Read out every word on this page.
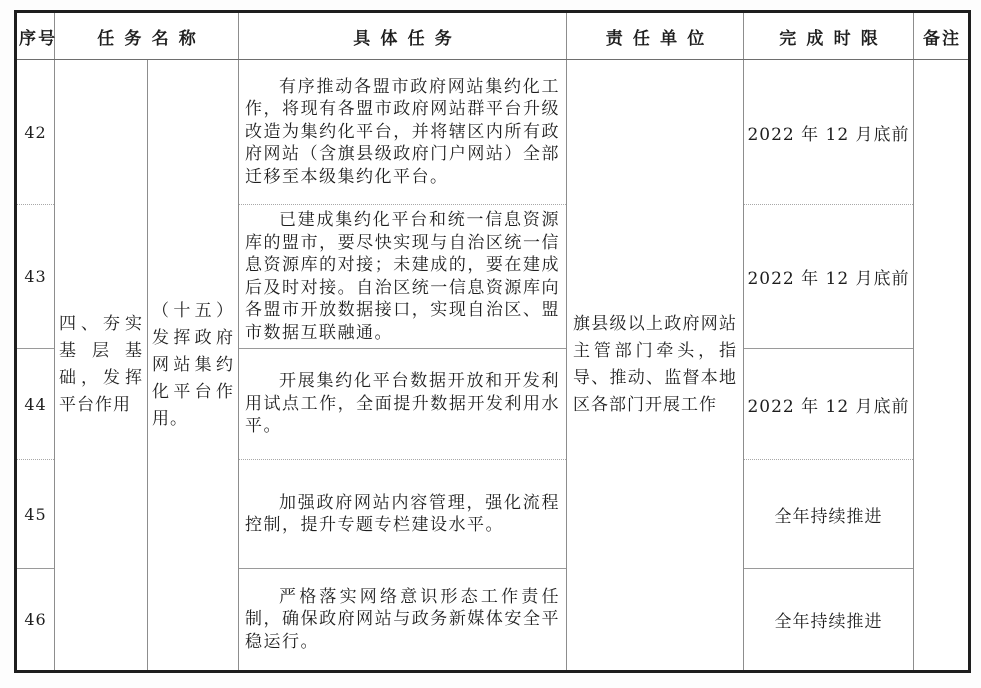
序号	任务名称		具体任务	责任单位	完成时限	备注
42	四、夯实基层基础，发挥平台作用	（十五）发挥政府网站集约化平台作用。	有序推动各盟市政府网站集约化工作，将现有各盟市政府网站群平台升级改造为集约化平台，并将辖区内所有政府网站（含旗县级政府门户网站）全部迁移至本级集约化平台。	旗县级以上政府网站主管部门牵头，指导、推动、监督本地区各部门开展工作	2022 年 12 月底前	
43			已建成集约化平台和统一信息资源库的盟市，要尽快实现与自治区统一信息资源库的对接；未建成的，要在建成后及时对接。自治区统一信息资源库向各盟市开放数据接口，实现自治区、盟市数据互联融通。		2022 年 12 月底前	
44			开展集约化平台数据开放和开发利用试点工作，全面提升数据开发利用水平。		2022 年 12 月底前	
45			加强政府网站内容管理，强化流程控制，提升专题专栏建设水平。		全年持续推进	
46			严格落实网络意识形态工作责任制，确保政府网站与政务新媒体安全平稳运行。		全年持续推进	
